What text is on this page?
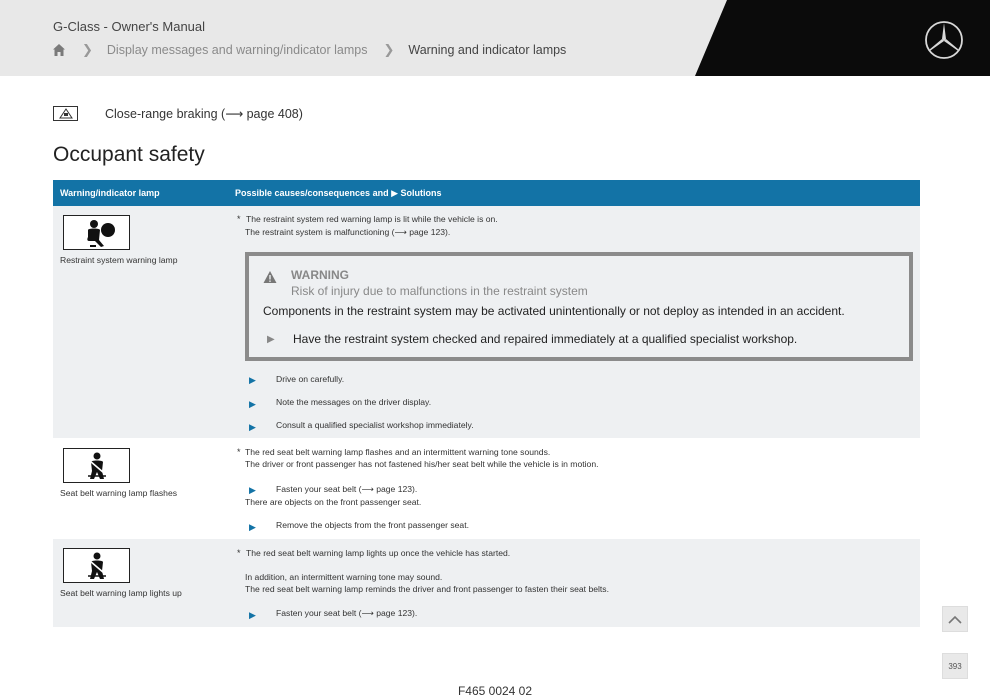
G-Class - Owner's Manual
❯ Display messages and warning/indicator lamps ❯ Warning and indicator lamps
Close-range braking (⟶ page 408)
Occupant safety
Warning/indicator lamp	Possible causes/consequences and ▶ Solutions
Restraint system warning lamp
* The restraint system red warning lamp is lit while the vehicle is on.
The restraint system is malfunctioning (⟶ page 123).
WARNING
Risk of injury due to malfunctions in the restraint system
Components in the restraint system may be activated unintentionally or not deploy as intended in an accident.
▶ Have the restraint system checked and repaired immediately at a qualified specialist workshop.
▶ Drive on carefully.
▶ Note the messages on the driver display.
▶ Consult a qualified specialist workshop immediately.
Seat belt warning lamp flashes
* The red seat belt warning lamp flashes and an intermittent warning tone sounds.
The driver or front passenger has not fastened his/her seat belt while the vehicle is in motion.
▶ Fasten your seat belt (⟶ page 123).
There are objects on the front passenger seat.
▶ Remove the objects from the front passenger seat.
Seat belt warning lamp lights up
* The red seat belt warning lamp lights up once the vehicle has started.
In addition, an intermittent warning tone may sound.
The red seat belt warning lamp reminds the driver and front passenger to fasten their seat belts.
▶ Fasten your seat belt (⟶ page 123).
393
F465 0024 02
